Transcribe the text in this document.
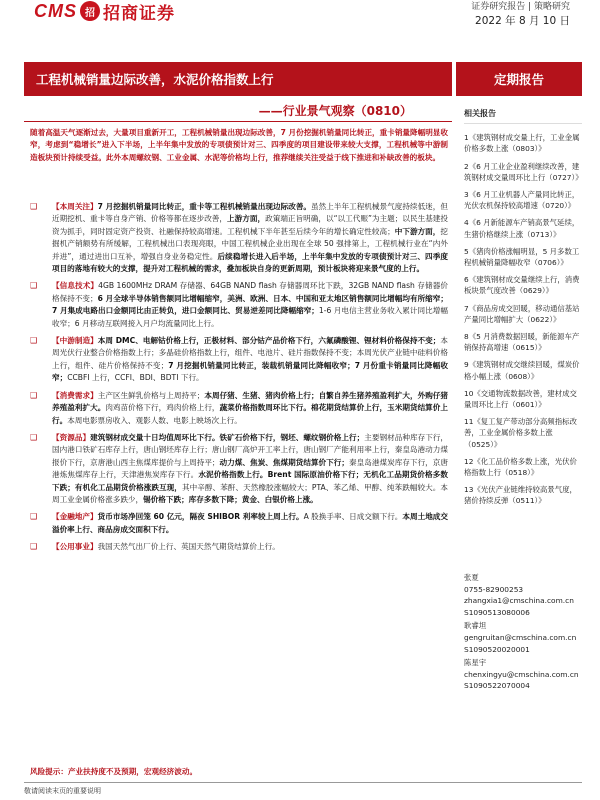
CMS 招 招商证券	证券研究报告 | 策略研究
2022 年 8 月 10 日
工程机械销量边际改善，水泥价格指数上行	定期报告
——行业景气观察（0810）
随着高温天气逐渐过去，大量项目重新开工，工程机械销量出现边际改善，7 月份挖掘机销量同比转正，重卡销量降幅明显收窄，考虑到“稳增长”进入下半场，上半年集中发放的专项债预计对三、四季度的项目建设带来较大支撑，工程机械等中游制造板块预计持续受益。此外本周螺纹钢、工业金属、水泥等价格均上行，推荐继续关注受益于线下推进和补缺改善的板块。
❑ 【本周关注】7 月挖掘机销量同比转正，重卡等工程机械销量出现边际改善。虽然上半年工程机械景气度持续低迷，但近期挖机、重卡等自身产销、价格等都在逐步改善，上游方面，政策端正旨明确，以“以工代赈”为主题；以民生基建投资为抓手，同时固定资产投资、社融保持较高增速。工程机械下半年甚至后续今年的增长确定性较高；中下游方面，挖掘机产销额势有所缓解，工程机械出口表现亮眼，中国工程机械企业出现在全球 50 强排第上，工程机械行业在“内外并进”，通过进出口互补，增强自身业务稳定性。后续稳增长进入后半场，上半年集中发放的专项债预计对三、四季度项目的落地有较大的支撑，提升对工程机械的需求，叠加板块自身的更新周期，预计板块将迎来景气度的上行。
❑ 【信息技术】4GB 1600MHz DRAM 存储器、64GB NAND flash 存储器周环比下跌，32GB NAND flash 存储器价格保持不变；6 月全球半导体销售额同比增幅缩窄，美洲、欧洲、日本、中国和亚太地区销售额同比增幅均有所缩窄；7 月集成电路出口金额同比由正转负，进口金额同比、贸易逆差同比降幅缩窄；1-6 月电信主营业务收入累计同比增幅收窄；6 月移动互联网接入月户均流量同比上行。
❑ 【中游制造】本周 DMC、电解钴价格上行，正极材料、部分钴产品价格下行，六氟磷酸锂、锂材料价格保持不变；本周光伏行业整合价格指数上行；多晶硅价格指数上行，组件、电池片、硅片指数保持不变；本周光伏产业链中硅料价格上行，组件、硅片价格保持不变；7 月挖掘机销量同比转正，装载机销量同比降幅收窄；7 月份重卡销量同比降幅收窄；CCBFI 上行，CCFI、BDI、BDTI 下行。
❑ 【消费需求】主产区生鲜乳价格与上周持平；本周仔猪、生猪、猪肉价格上行；自繁自养生猪养殖盈利扩大，外购仔猪养殖盈利扩大。肉鸡苗价格下行，鸡肉价格上行，蔬菜价格指数周环比下行。棉花期货结算价上行，玉米期货结算价上行。本周电影票房收入、观影人数、电影上映场次上行。
❑ 【资源品】建筑钢材成交量十日均值周环比下行。铁矿石价格下行，钢坯、螺纹钢价格上行；主要钢材品种库存下行，国内港口铁矿石库存上行，唐山钢坯库存上行；唐山钢厂高炉开工率上行，唐山钢厂产能利用率上行，秦皇岛港动力煤报价下行，京唐港山西主焦煤库提价与上周持平；动力煤、焦炭、焦煤期货结算价下行；秦皇岛港煤炭库存下行，京唐港炼焦煤库存上行，天津港焦炭库存下行。水泥价格指数上行。Brent 国际原油价格下行；无机化工品期货价格多数下跌；有机化工品期货价格涨跌互现，其中辛醇、苯酐、天然橡胶涨幅较大；PTA、苯乙烯、甲醇、纯苯跌幅较大。本周工业金属价格涨多跌少，锡价格下跌；库存多数下降；黄金、白银价格上涨。
❑ 【金融地产】货币市场净回笼 60 亿元，隔夜 SHIBOR 利率较上周上行。A 股换手率、日成交额下行。本周土地成交溢价率上行、商品房成交面积下行。
❑ 【公用事业】我国天然气出厂价上行、英国天然气期货结算价上行。
风险提示：产业扶持度不及预期，宏观经济波动。
敬请阅读末页的重要说明
相关报告
1《建筑钢材成交量上行，工业金属价格多数上涨（0803）》
2《6 月工业企业盈利继续改善，建筑钢材成交量周环比上行（0727）》
3《6 月工业机器人产量同比转正，光伏农机保持较高增速（0720）》
4《6 月新能源车产销高景气延续，生猪价格继续上涨（0713）》
5《猪肉价格涨幅明显，5 月多数工程机械销量降幅收窄（0706）》
6《建筑钢材成交量继续上行，消费板块景气度改善（0629）》
7《商品房成交回暖，移动通信基站产量同比增幅扩大（0622）》
8《5 月消费数据回暖，新能源车产销保持高增速（0615）》
9《建筑钢材成交继续回暖，煤炭价格小幅上涨（0608）》
10《交通物流数据改善，建材成交量周环比上行（0601）》
11《复工复产带动部分高频指标改善，工业金属价格多数上涨（0525）》
12《化工品价格多数上涨，光伏价格指数上行（0518）》
13《光伏产业链维持较高景气度，猪价持续反弹（0511）》
张夏
0755-82900253
zhangxia1@cmschina.com.cn
S1090513080006
耿睿坦
gengruitan@cmschina.com.cn
S1090520020001
陈星宇
chenxingyu@cmschina.com.cn
S1090522070004
